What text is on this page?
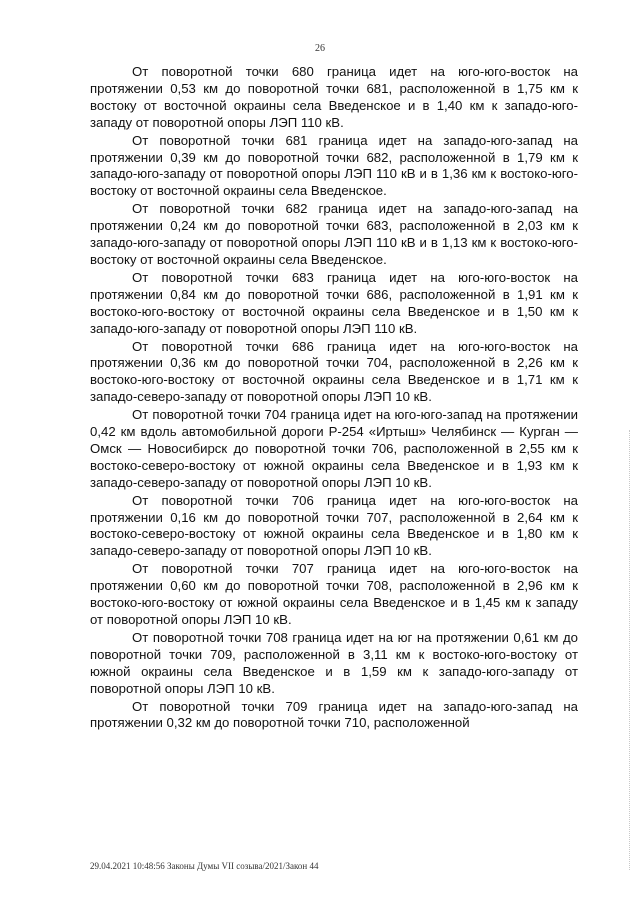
26

От поворотной точки 680 граница идет на юго-юго-восток на протяжении 0,53 км до поворотной точки 681, расположенной в 1,75 км к востоку от восточной окраины села Введенское и в 1,40 км к западо-юго-западу от поворотной опоры ЛЭП 110 кВ.

От поворотной точки 681 граница идет на западо-юго-запад на протяжении 0,39 км до поворотной точки 682, расположенной в 1,79 км к западо-юго-западу от поворотной опоры ЛЭП 110 кВ и в 1,36 км к востоко-юго-востоку от восточной окраины села Введенское.

От поворотной точки 682 граница идет на западо-юго-запад на протяжении 0,24 км до поворотной точки 683, расположенной в 2,03 км к западо-юго-западу от поворотной опоры ЛЭП 110 кВ и в 1,13 км к востоко-юго-востоку от восточной окраины села Введенское.

От поворотной точки 683 граница идет на юго-юго-восток на протяжении 0,84 км до поворотной точки 686, расположенной в 1,91 км к востоко-юго-востоку от восточной окраины села Введенское и в 1,50 км к западо-юго-западу от поворотной опоры ЛЭП 110 кВ.

От поворотной точки 686 граница идет на юго-юго-восток на протяжении 0,36 км до поворотной точки 704, расположенной в 2,26 км к востоко-юго-востоку от восточной окраины села Введенское и в 1,71 км к западо-северо-западу от поворотной опоры ЛЭП 10 кВ.

От поворотной точки 704 граница идет на юго-юго-запад на протяжении 0,42 км вдоль автомобильной дороги Р-254 «Иртыш» Челябинск — Курган — Омск — Новосибирск до поворотной точки 706, расположенной в 2,55 км к востоко-северо-востоку от южной окраины села Введенское и в 1,93 км к западо-северо-западу от поворотной опоры ЛЭП 10 кВ.

От поворотной точки 706 граница идет на юго-юго-восток на протяжении 0,16 км до поворотной точки 707, расположенной в 2,64 км к востоко-северо-востоку от южной окраины села Введенское и в 1,80 км к западо-северо-западу от поворотной опоры ЛЭП 10 кВ.

От поворотной точки 707 граница идет на юго-юго-восток на протяжении 0,60 км до поворотной точки 708, расположенной в 2,96 км к востоко-юго-востоку от южной окраины села Введенское и в 1,45 км к западу от поворотной опоры ЛЭП 10 кВ.

От поворотной точки 708 граница идет на юг на протяжении 0,61 км до поворотной точки 709, расположенной в 3,11 км к востоко-юго-востоку от южной окраины села Введенское и в 1,59 км к западо-юго-западу от поворотной опоры ЛЭП 10 кВ.

От поворотной точки 709 граница идет на западо-юго-запад на протяжении 0,32 км до поворотной точки 710, расположенной

29.04.2021 10:48:56 Законы Думы VII созыва/2021/Закон 44
